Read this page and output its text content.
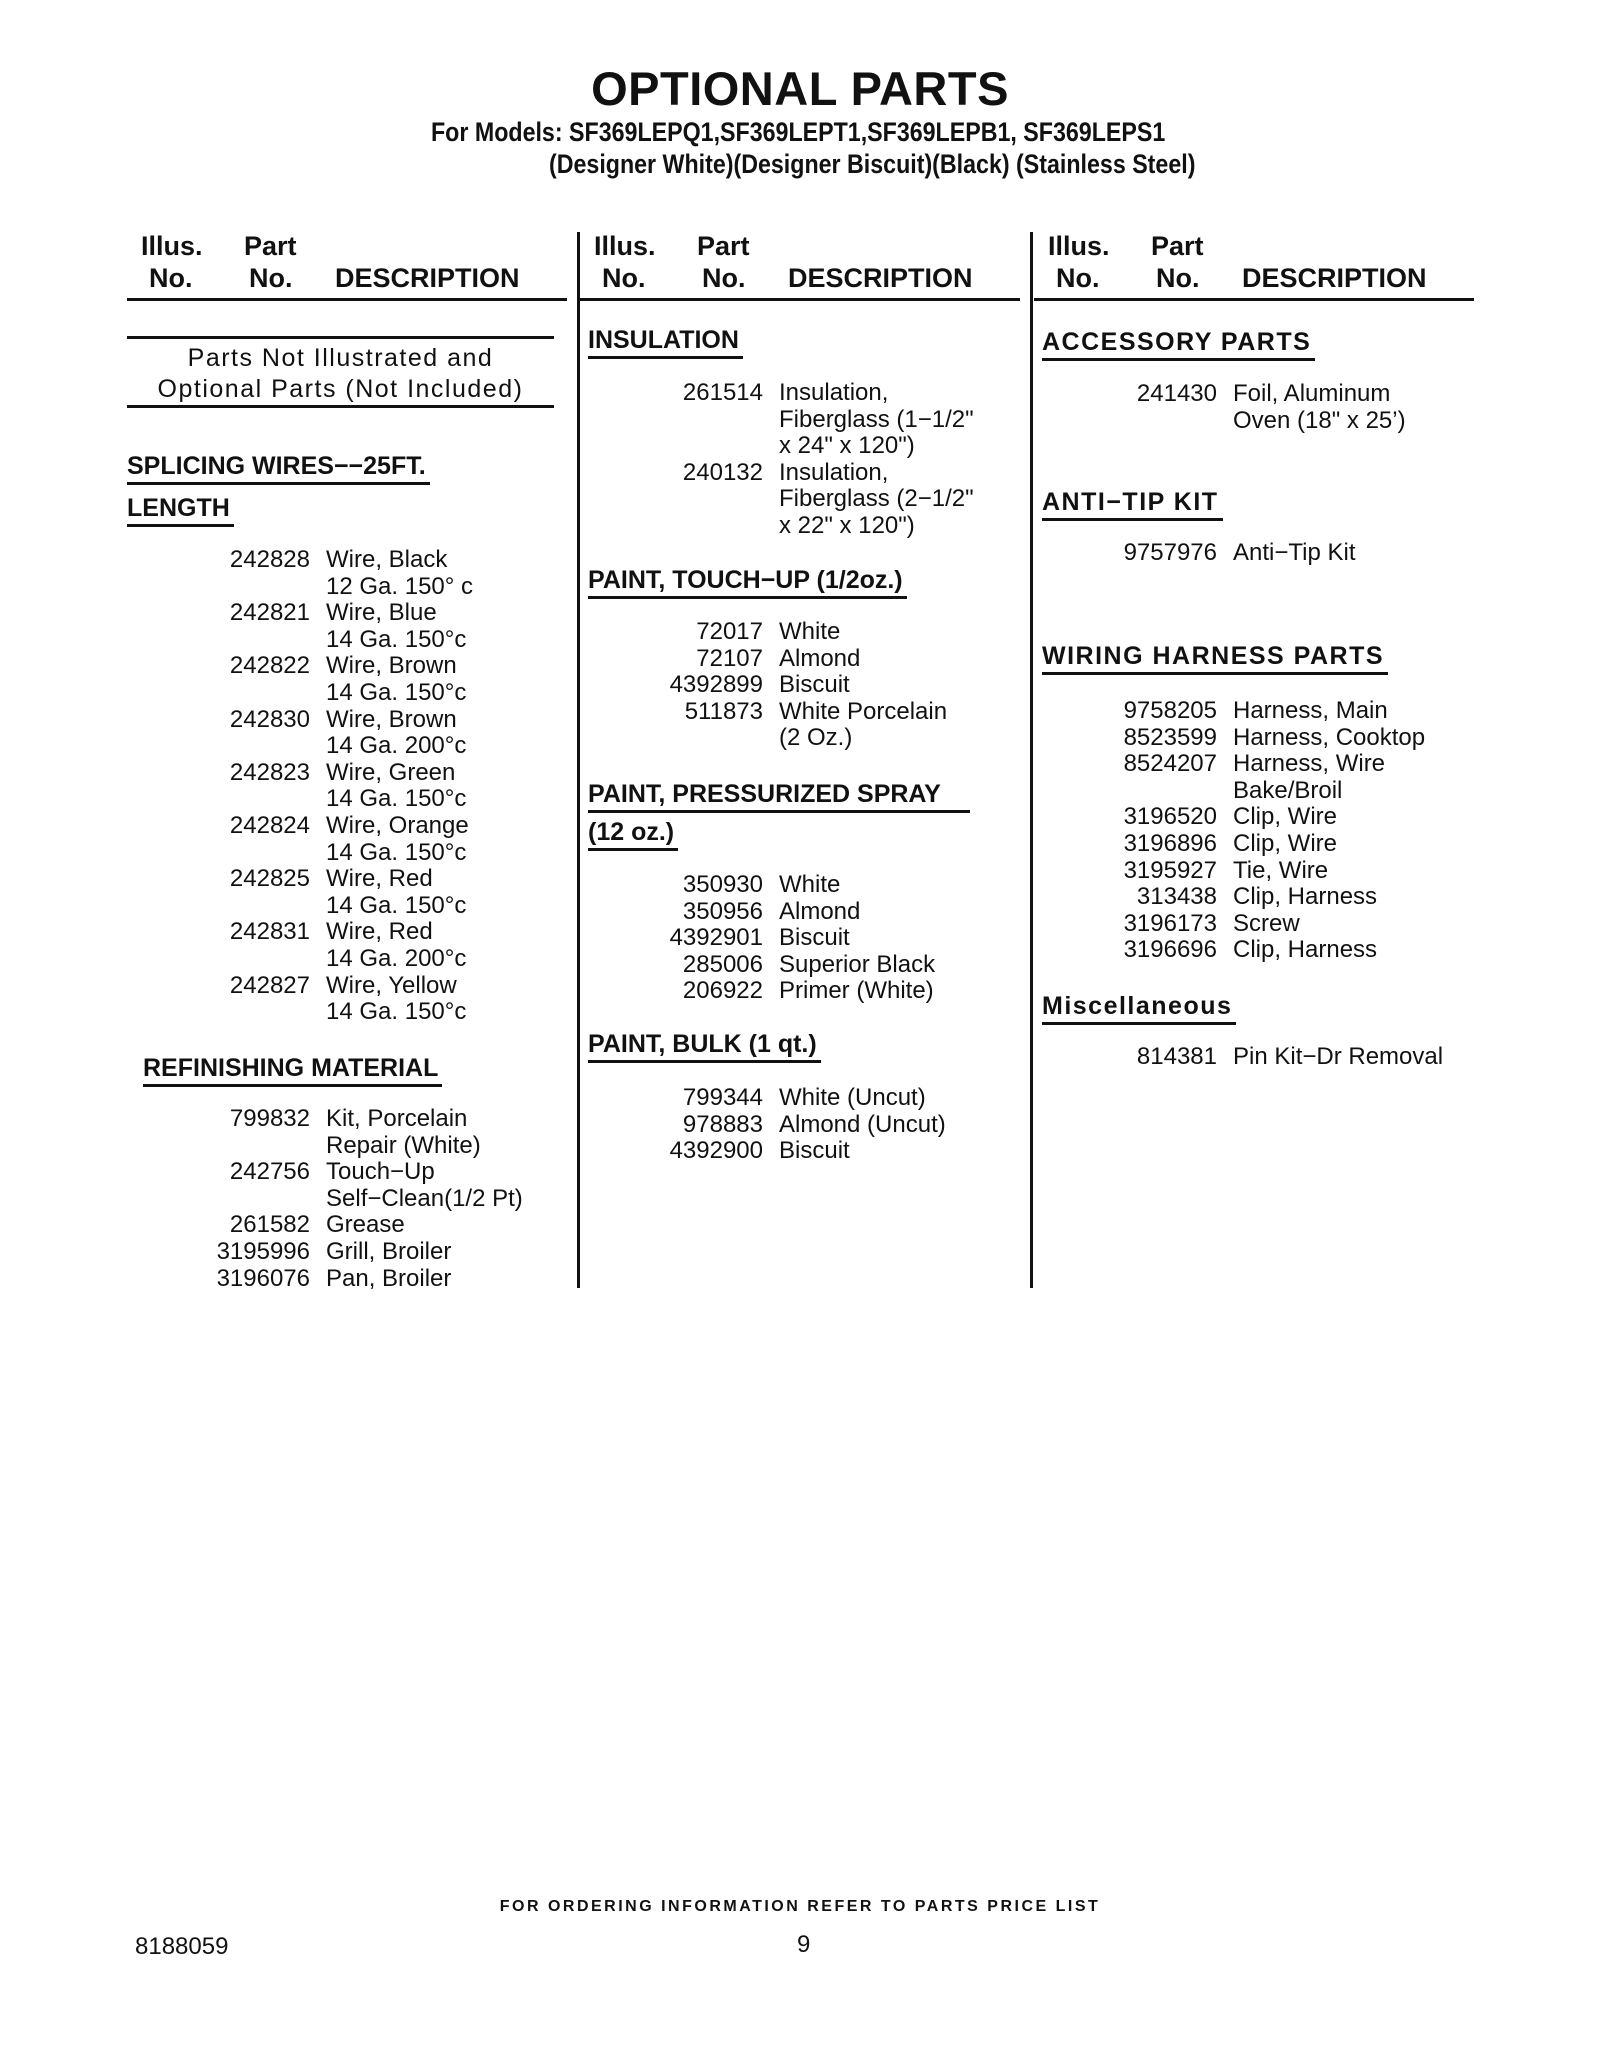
OPTIONAL PARTS
For Models: SF369LEPQ1,SF369LEPT1,SF369LEPB1, SF369LEPS1
(Designer White)(Designer Biscuit)(Black) (Stainless Steel)
Illus. Part
No. No. DESCRIPTION
Parts Not Illustrated and
Optional Parts (Not Included)
SPLICING WIRES−−25FT.
LENGTH
242828 Wire, Black
12 Ga. 150° c
242821 Wire, Blue
14 Ga. 150°c
242822 Wire, Brown
14 Ga. 150°c
242830 Wire, Brown
14 Ga. 200°c
242823 Wire, Green
14 Ga. 150°c
242824 Wire, Orange
14 Ga. 150°c
242825 Wire, Red
14 Ga. 150°c
242831 Wire, Red
14 Ga. 200°c
242827 Wire, Yellow
14 Ga. 150°c
REFINISHING MATERIAL
799832 Kit, Porcelain
Repair (White)
242756 Touch−Up
Self−Clean(1/2 Pt)
261582 Grease
3195996 Grill, Broiler
3196076 Pan, Broiler
Illus. Part
No. No. DESCRIPTION
INSULATION
261514 Insulation,
Fiberglass (1−1/2"
x 24" x 120")
240132 Insulation,
Fiberglass (2−1/2"
x 22" x 120")
PAINT, TOUCH−UP (1/2oz.)
72017 White
72107 Almond
4392899 Biscuit
511873 White Porcelain
(2 Oz.)
PAINT, PRESSURIZED SPRAY
(12 oz.)
350930 White
350956 Almond
4392901 Biscuit
285006 Superior Black
206922 Primer (White)
PAINT, BULK (1 qt.)
799344 White (Uncut)
978883 Almond (Uncut)
4392900 Biscuit
Illus. Part
No. No. DESCRIPTION
ACCESSORY PARTS
241430 Foil, Aluminum
Oven (18" x 25’)
ANTI−TIP KIT
9757976 Anti−Tip Kit
WIRING HARNESS PARTS
9758205 Harness, Main
8523599 Harness, Cooktop
8524207 Harness, Wire
Bake/Broil
3196520 Clip, Wire
3196896 Clip, Wire
3195927 Tie, Wire
313438 Clip, Harness
3196173 Screw
3196696 Clip, Harness
Miscellaneous
814381 Pin Kit−Dr Removal
FOR ORDERING INFORMATION REFER TO PARTS PRICE LIST
8188059	9
